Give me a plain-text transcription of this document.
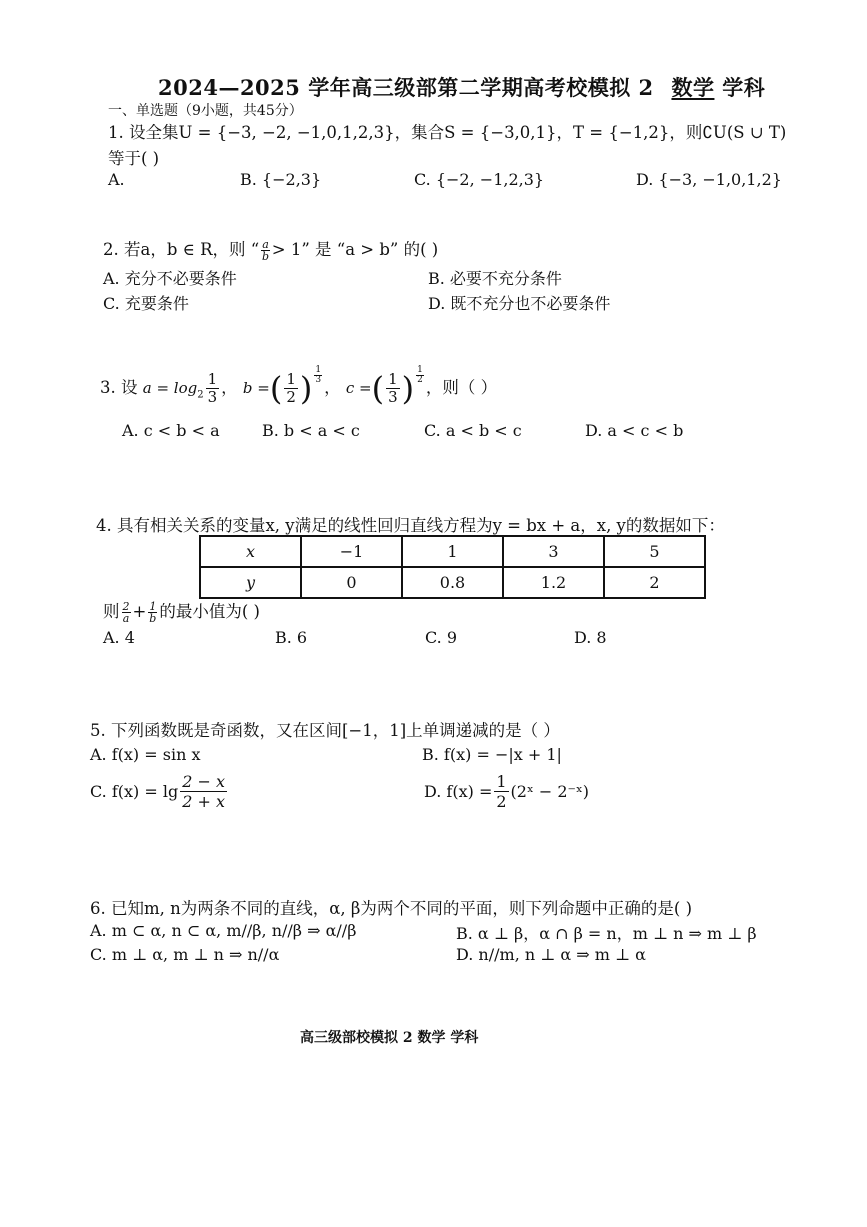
2024—2025 学年高三级部第二学期高考校模拟 2 数学 学科
一、单选题（9小题，共45分）
1. 设全集U = {−3, −2, −1,0,1,2,3}，集合S = {−3,0,1}，T = {−1,2}，则∁U(S ∪ T)
等于( )
A.	B. {−2,3}	C. {−2, −1,2,3}	D. {−3, −1,0,1,2}
2. 若a，b ∈ R，则 “ $\frac{a}{b} > 1$” 是 “a > b” 的( )
A. 充分不必要条件	B. 必要不充分条件
C. 充要条件	D. 既不充分也不必要条件
3. 设 $a = \log_2 \frac{1}{3}$ ， b =( $\frac{1}{2}$ ) $\frac{1}{3}$
， c =( $\frac{1}{3}$ ) $\frac{1}{2}$
，则（ ）
A. c < b < a	B. b < a < c	C. a < b < c	D. a < c < b
4. 具有相关关系的变量x, y满足的线性回归直线方程为y = bx + a，x, y的数据如下：
x	−1	1	3	5
y	0	0.8	1.2	2
则 $\frac{2}{a} + \frac{1}{b}$ 的最小值为( )
A. 4	B. 6	C. 9	D. 8
5. 下列函数既是奇函数，又在区间[−1，1]上单调递减的是（ ）
A. f(x) = sin x	B. f(x) = −|x + 1|
C. $f(x) = \lg \frac{2 - x}{2 + x}$	D. $f(x) = \frac{1}{2}$ (2ˣ − 2⁻ˣ)
6. 已知m, n为两条不同的直线，α, β为两个不同的平面，则下列命题中正确的是( )
A. m ⊂ α, n ⊂ α, m//β, n//β ⇒ α//β	B. α ⊥ β，α ∩ β = n，m ⊥ n ⇒ m ⊥ β
C. m ⊥ α, m ⊥ n ⇒ n//α	D. n//m, n ⊥ α ⇒ m ⊥ α
高三级部校模拟 2 数学 学科
